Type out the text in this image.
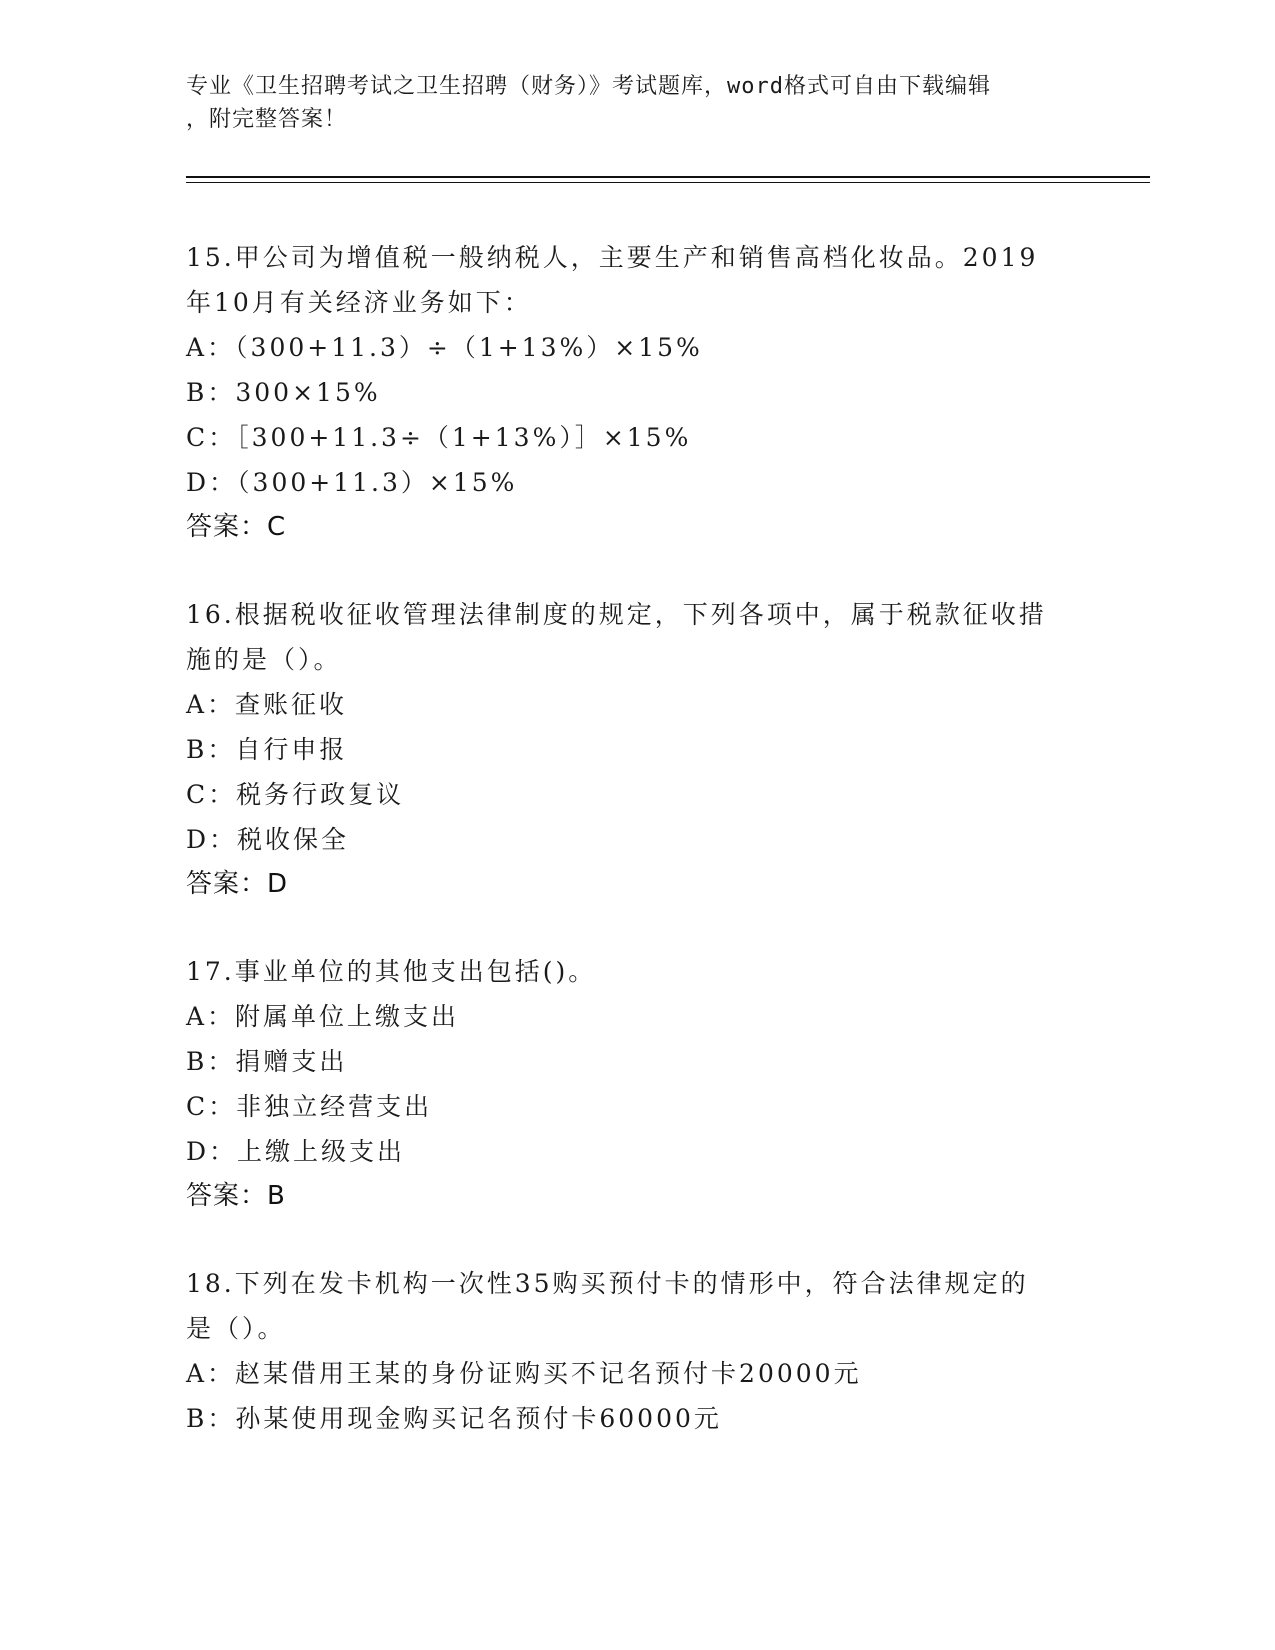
专业《卫生招聘考试之卫生招聘（财务）》考试题库，word格式可自由下载编辑
，附完整答案！
15.甲公司为增值税一般纳税人，主要生产和销售高档化妆品。2019
年10月有关经济业务如下：
A：（300+11.3）÷（1+13%）×15%
B：300×15%
C：［300+11.3÷（1+13%）］×15%
D：（300+11.3）×15%
答案：C
16.根据税收征收管理法律制度的规定，下列各项中，属于税款征收措
施的是（）。
A：查账征收
B：自行申报
C：税务行政复议
D：税收保全
答案：D
17.事业单位的其他支出包括()。
A：附属单位上缴支出
B：捐赠支出
C：非独立经营支出
D：上缴上级支出
答案：B
18.下列在发卡机构一次性35购买预付卡的情形中，符合法律规定的
是（）。
A：赵某借用王某的身份证购买不记名预付卡20000元
B：孙某使用现金购买记名预付卡60000元
